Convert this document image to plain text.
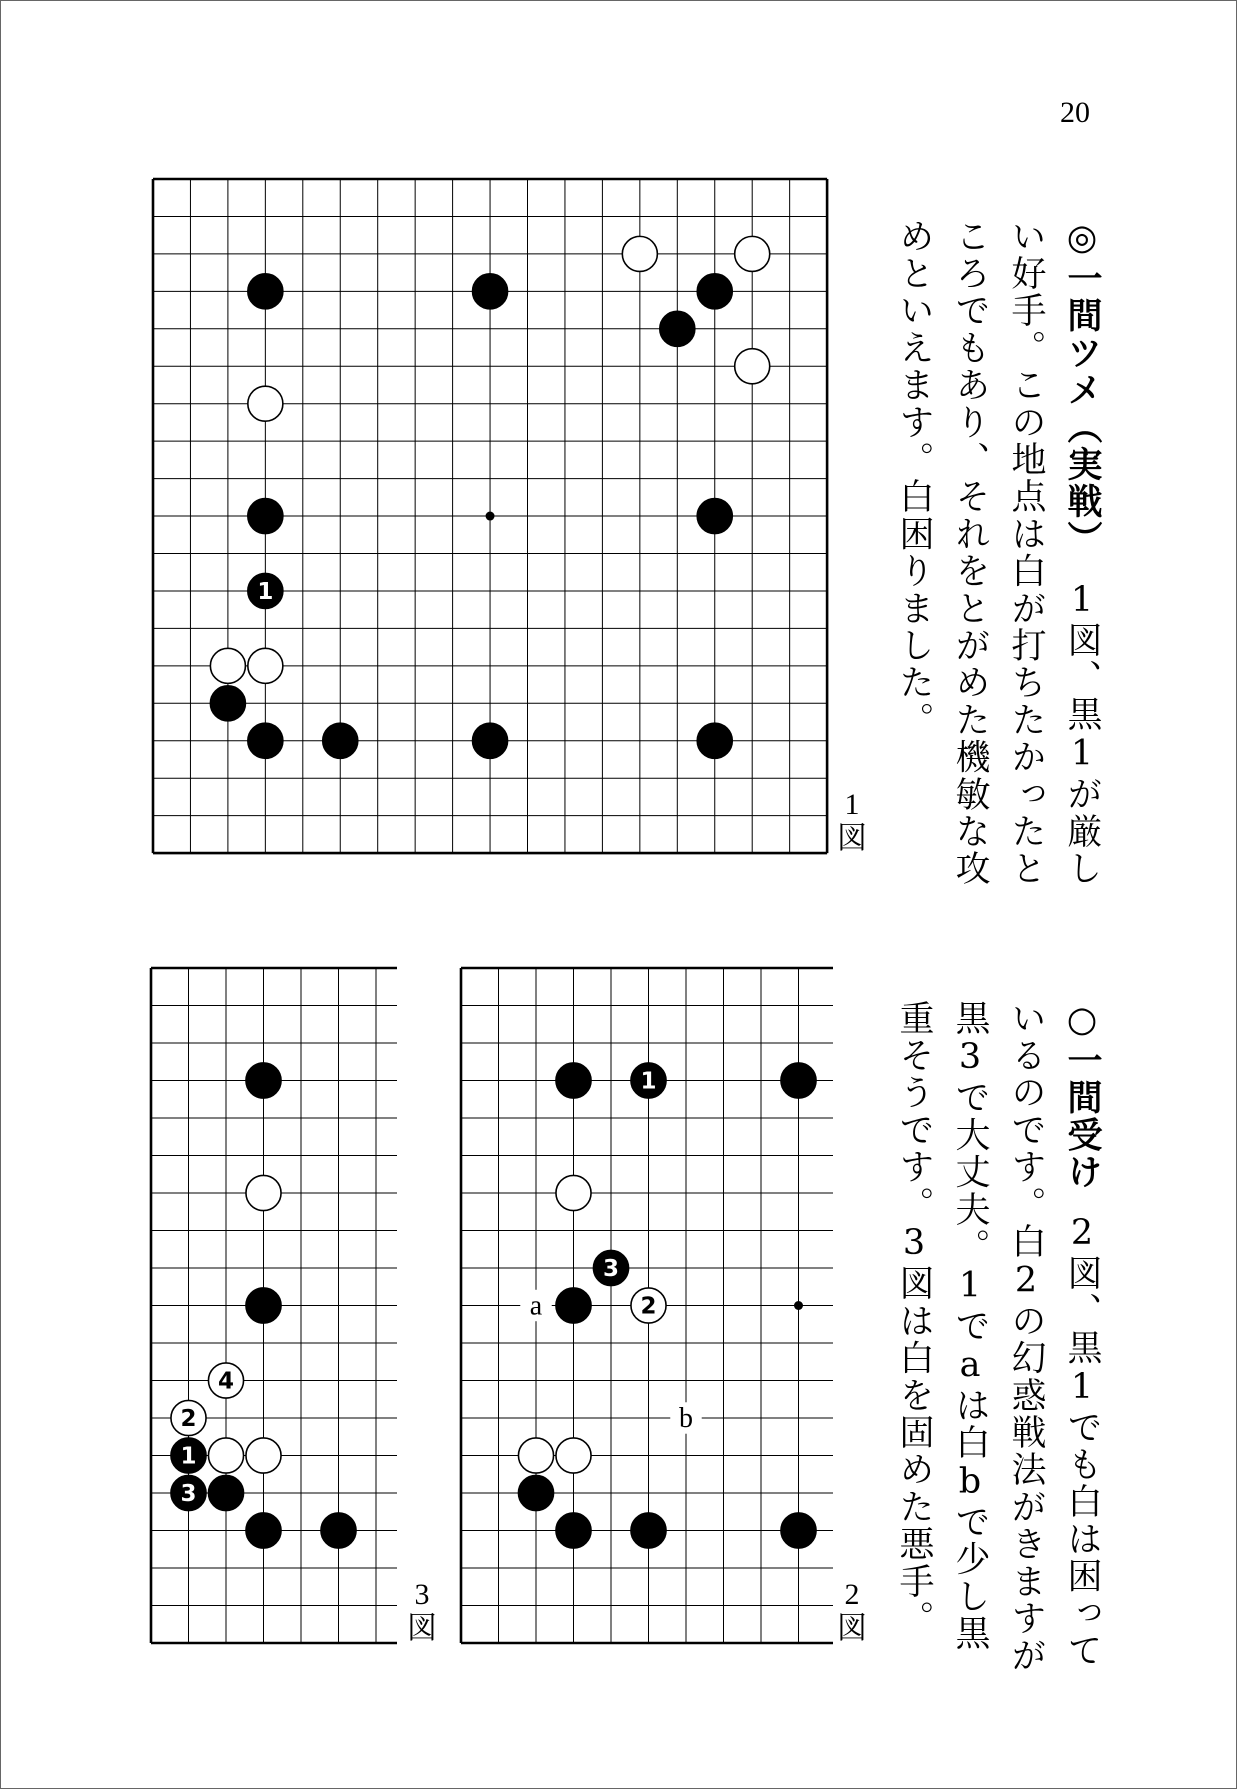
20
◎一間ツメ（実戦）1図、黒1が厳しい好手。この地点は白が打ちたかったところでもあり、それをとがめた機敏な攻めといえます。白困りました。
○一間受け2図、黒1でも白は困っているのです。白2の幻惑戦法がきますが黒3で大丈夫。1でaは白bで少し黒重そうです。3図は白を固めた悪手。
1
1
図
a
b
1
3
2
2
図
4
2
1
3
3
図
